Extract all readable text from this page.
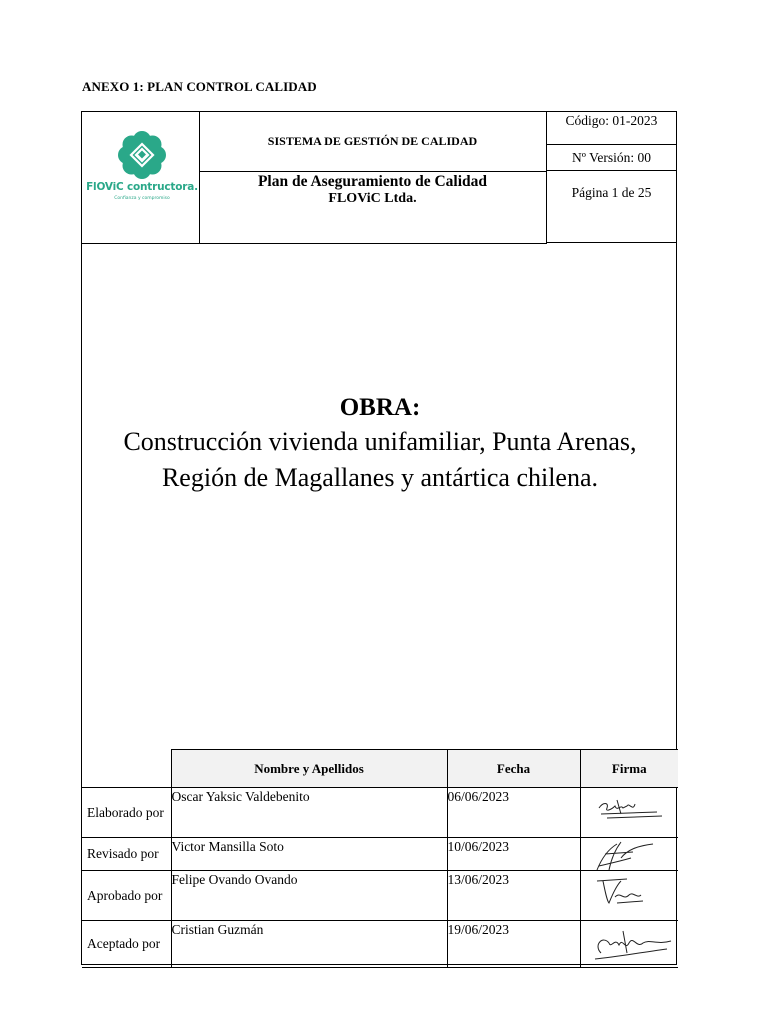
ANEXO 1: PLAN CONTROL CALIDAD
FlOViC contructora.
Confianza y compromiso
SISTEMA DE GESTIÓN DE CALIDAD
Plan de Aseguramiento de Calidad
FLOViC Ltda.
Código: 01-2023
Nº Versión: 00
Página 1 de 25
OBRA:
Construcción vivienda unifamiliar, Punta Arenas, Región de Magallanes y antártica chilena.
	Nombre y Apellidos	Fecha	Firma
Elaborado por	Oscar Yaksic Valdebenito	06/06/2023	

Revisado por	Victor Mansilla Soto	10/06/2023	

Aprobado por	Felipe Ovando Ovando	13/06/2023	

Aceptado por	Cristian Guzmán	19/06/2023	
